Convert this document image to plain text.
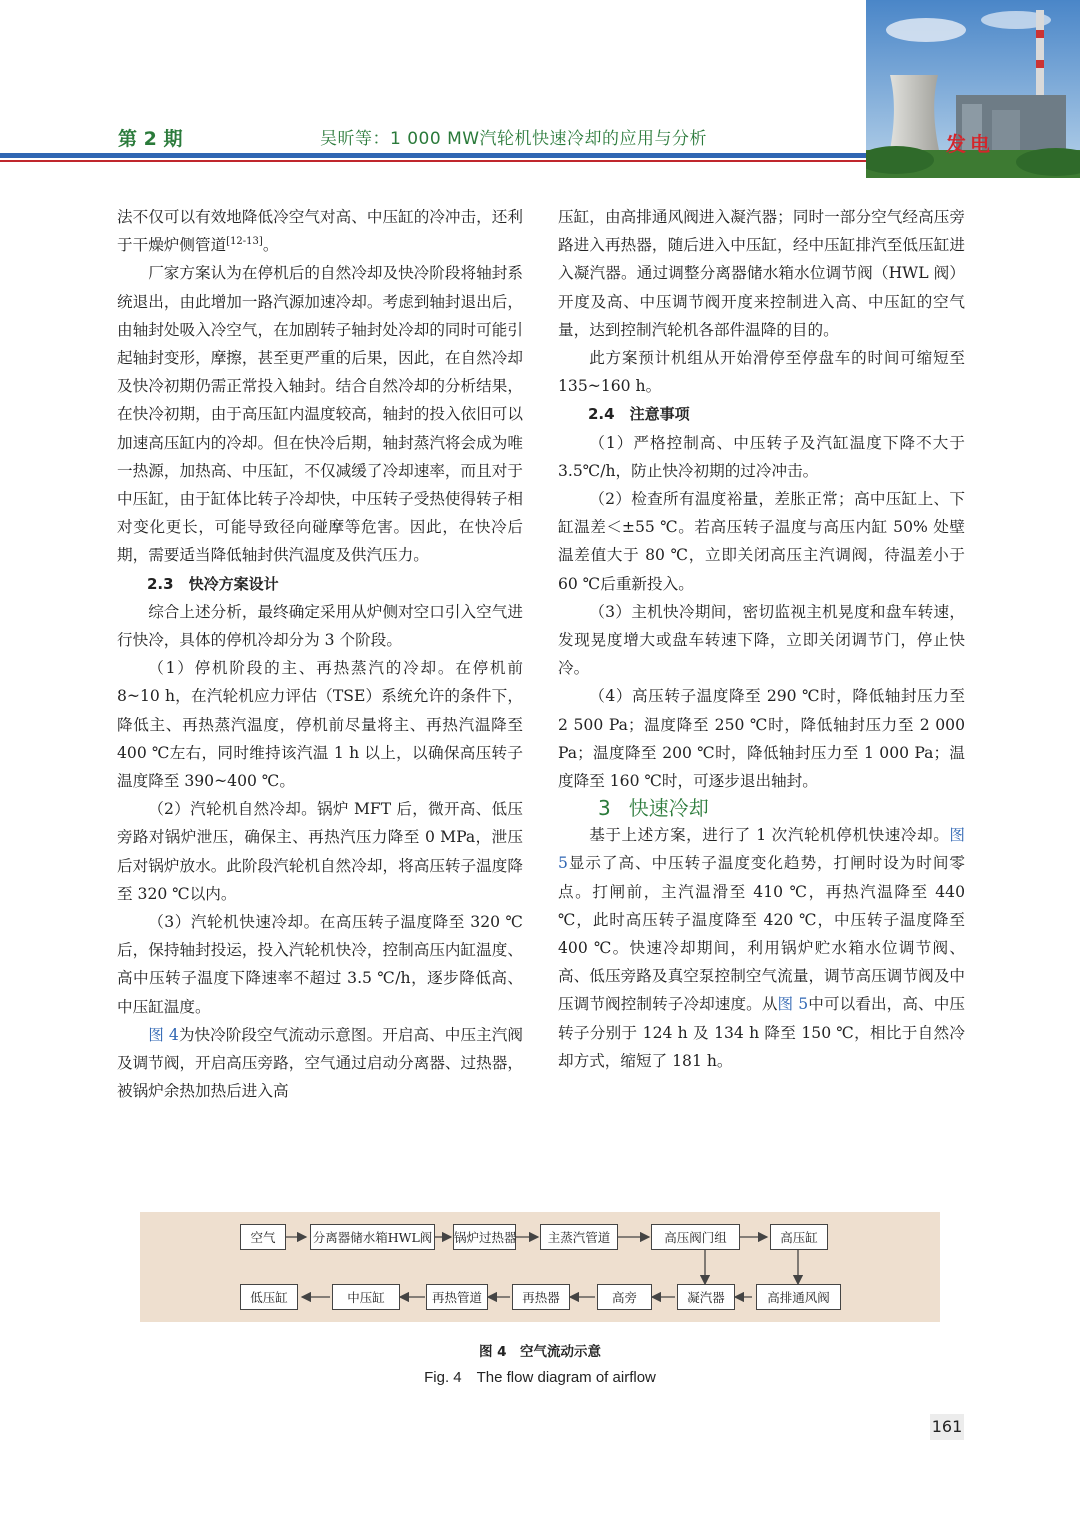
第 2 期	吴昕等：1 000 MW汽轮机快速冷却的应用与分析	发电

法不仅可以有效地降低冷空气对高、中压缸的冷冲击，还利于干燥炉侧管道[12-13]。

厂家方案认为在停机后的自然冷却及快冷阶段将轴封系统退出，由此增加一路汽源加速冷却。考虑到轴封退出后，由轴封处吸入冷空气，在加剧转子轴封处冷却的同时可能引起轴封变形，摩擦，甚至更严重的后果，因此，在自然冷却及快冷初期仍需正常投入轴封。结合自然冷却的分析结果，在快冷初期，由于高压缸内温度较高，轴封的投入依旧可以加速高压缸内的冷却。但在快冷后期，轴封蒸汽将会成为唯一热源，加热高、中压缸，不仅减缓了冷却速率，而且对于中压缸，由于缸体比转子冷却快，中压转子受热使得转子相对变化更长，可能导致径向碰摩等危害。因此，在快冷后期，需要适当降低轴封供汽温度及供汽压力。

2.3　快冷方案设计

综合上述分析，最终确定采用从炉侧对空口引入空气进行快冷，具体的停机冷却分为 3 个阶段。

（1）停机阶段的主、再热蒸汽的冷却。在停机前 8~10 h，在汽轮机应力评估（TSE）系统允许的条件下，降低主、再热蒸汽温度，停机前尽量将主、再热汽温降至 400 ℃左右，同时维持该汽温 1 h 以上，以确保高压转子温度降至 390~400 ℃。

（2）汽轮机自然冷却。锅炉 MFT 后，微开高、低压旁路对锅炉泄压，确保主、再热汽压力降至 0 MPa，泄压后对锅炉放水。此阶段汽轮机自然冷却，将高压转子温度降至 320 ℃以内。

（3）汽轮机快速冷却。在高压转子温度降至 320 ℃后，保持轴封投运，投入汽轮机快冷，控制高压内缸温度、高中压转子温度下降速率不超过 3.5 ℃/h，逐步降低高、中压缸温度。

图 4为快冷阶段空气流动示意图。开启高、中压主汽阀及调节阀，开启高压旁路，空气通过启动分离器、过热器，被锅炉余热加热后进入高

压缸，由高排通风阀进入凝汽器；同时一部分空气经高压旁路进入再热器，随后进入中压缸，经中压缸排汽至低压缸进入凝汽器。通过调整分离器储水箱水位调节阀（HWL 阀）开度及高、中压调节阀开度来控制进入高、中压缸的空气量，达到控制汽轮机各部件温降的目的。

此方案预计机组从开始滑停至停盘车的时间可缩短至 135~160 h。

2.4　注意事项

（1）严格控制高、中压转子及汽缸温度下降不大于 3.5℃/h，防止快冷初期的过冷冲击。

（2）检查所有温度裕量，差胀正常；高中压缸上、下缸温差＜±55 ℃。若高压转子温度与高压内缸 50% 处壁温差值大于 80 ℃，立即关闭高压主汽调阀，待温差小于 60 ℃后重新投入。

（3）主机快冷期间，密切监视主机晃度和盘车转速，发现晃度增大或盘车转速下降，立即关闭调节门，停止快冷。

（4）高压转子温度降至 290 ℃时，降低轴封压力至 2 500 Pa；温度降至 250 ℃时，降低轴封压力至 2 000 Pa；温度降至 200 ℃时，降低轴封压力至 1 000 Pa；温度降至 160 ℃时，可逐步退出轴封。

3 快速冷却

基于上述方案，进行了 1 次汽轮机停机快速冷却。图 5显示了高、中压转子温度变化趋势，打闸时设为时间零点。打闸前，主汽温滑至 410 ℃，再热汽温降至 440 ℃，此时高压转子温度降至 420 ℃，中压转子温度降至 400 ℃。快速冷却期间，利用锅炉贮水箱水位调节阀、高、低压旁路及真空泵控制空气流量，调节高压调节阀及中压调节阀控制转子冷却速度。从图 5中可以看出，高、中压转子分别于 124 h 及 134 h 降至 150 ℃，相比于自然冷却方式，缩短了 181 h。

空气	分离器储水箱HWL阀 锅炉过热器	主蒸汽管道	高压阀门组	高压缸
低压缸	中压缸	再热管道	再热器	高旁	凝汽器	高排通风阀
图 4　空气流动示意
Fig. 4　The flow diagram of airflow
161
